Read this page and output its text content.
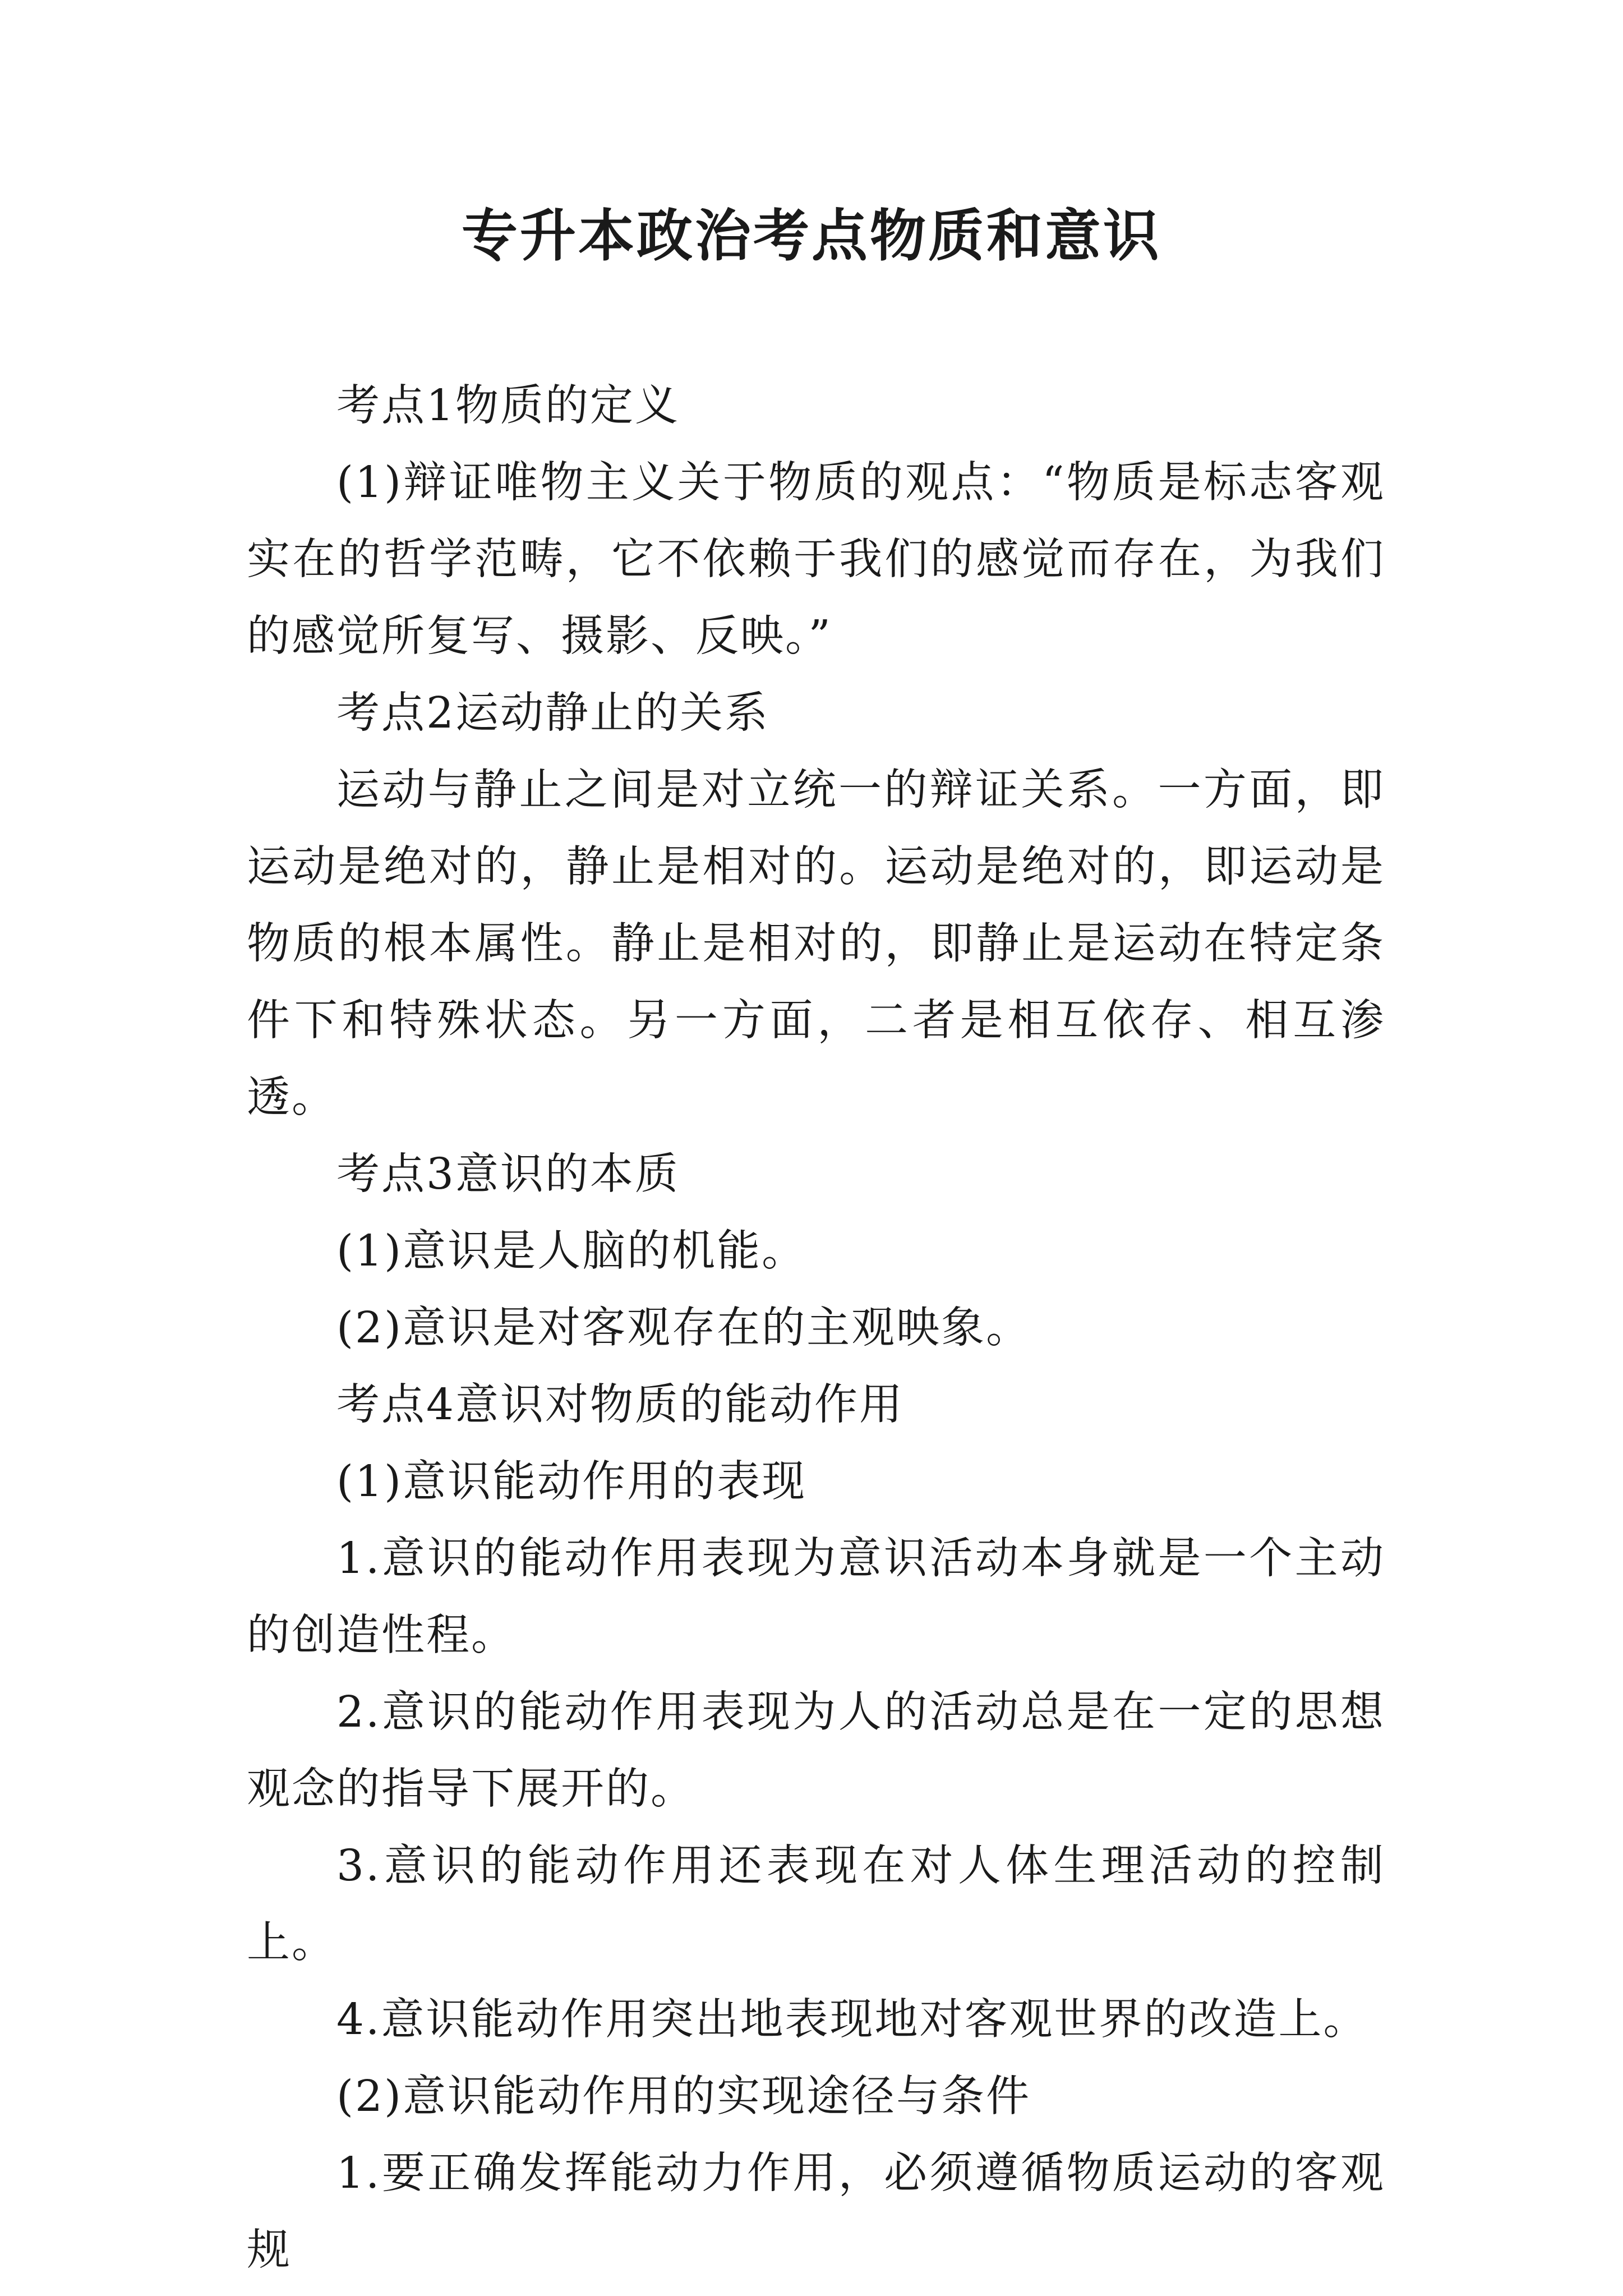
专升本政治考点物质和意识

考点1物质的定义

(1)辩证唯物主义关于物质的观点：“物质是标志客观实在的哲学范畴，它不依赖于我们的感觉而存在，为我们的感觉所复写、摄影、反映。”

考点2运动静止的关系

运动与静止之间是对立统一的辩证关系。一方面，即运动是绝对的，静止是相对的。运动是绝对的，即运动是物质的根本属性。静止是相对的，即静止是运动在特定条件下和特殊状态。另一方面，二者是相互依存、相互渗透。

考点3意识的本质

(1)意识是人脑的机能。

(2)意识是对客观存在的主观映象。

考点4意识对物质的能动作用

(1)意识能动作用的表现

1.意识的能动作用表现为意识活动本身就是一个主动的创造性程。

2.意识的能动作用表现为人的活动总是在一定的思想观念的指导下展开的。

3.意识的能动作用还表现在对人体生理活动的控制上。

4.意识能动作用突出地表现地对客观世界的改造上。

(2)意识能动作用的实现途径与条件

1.要正确发挥能动力作用，必须遵循物质运动的客观规
